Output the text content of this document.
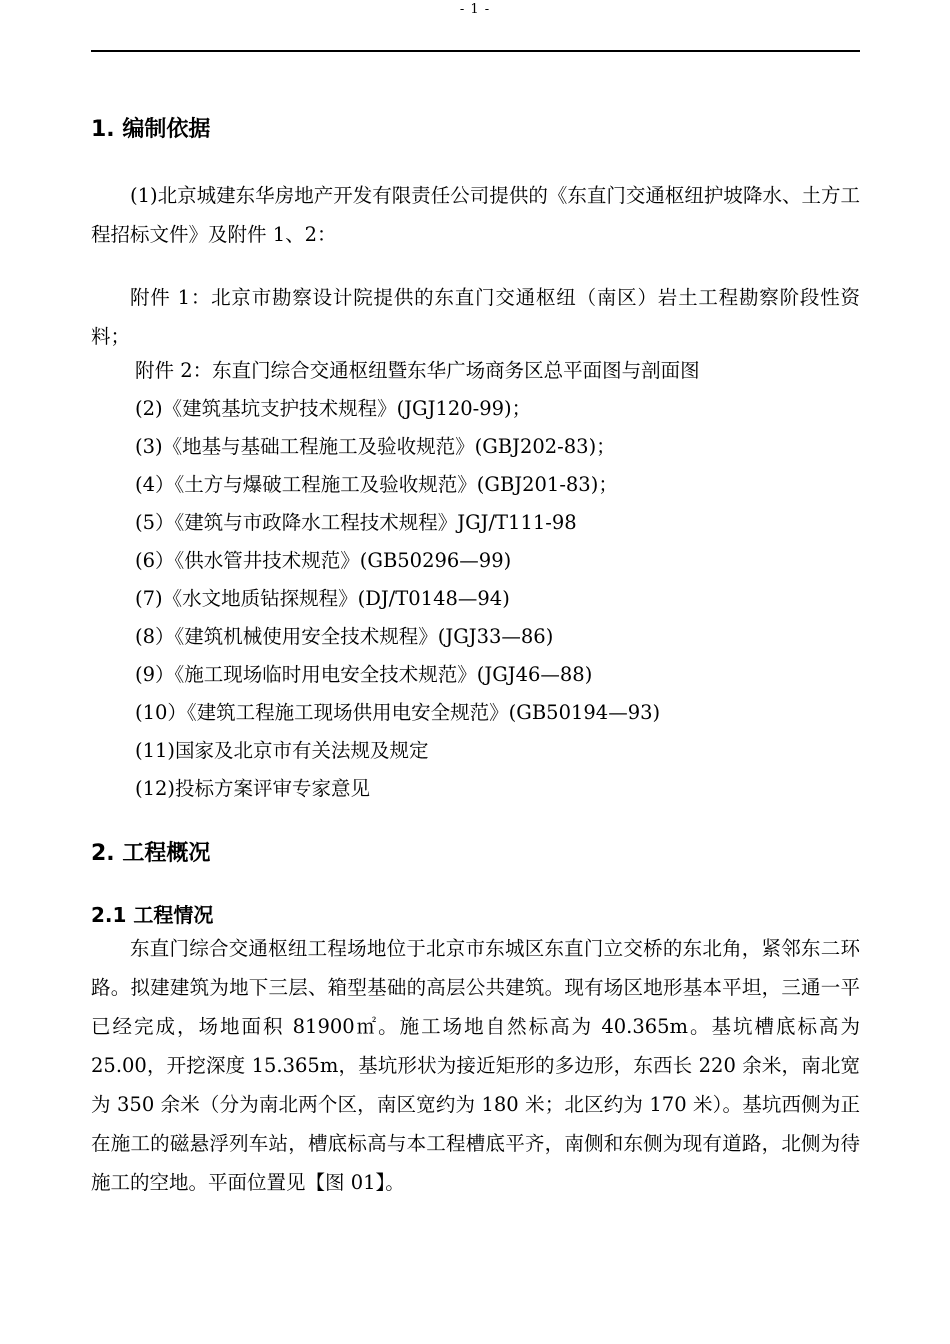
- 1 -
1. 编制依据

(1)北京城建东华房地产开发有限责任公司提供的《东直门交通枢纽护坡降水、土方工程招标文件》及附件 1、2：

附件 1：北京市勘察设计院提供的东直门交通枢纽（南区）岩土工程勘察阶段性资料；

附件 2：东直门综合交通枢纽暨东华广场商务区总平面图与剖面图
(2)《建筑基坑支护技术规程》(JGJ120-99)；
(3)《地基与基础工程施工及验收规范》(GBJ202-83)；
(4）《土方与爆破工程施工及验收规范》(GBJ201-83)；
(5）《建筑与市政降水工程技术规程》JGJ/T111-98
(6）《供水管井技术规范》(GB50296—99)
(7)《水文地质钻探规程》(DJ/T0148—94)
(8）《建筑机械使用安全技术规程》(JGJ33—86)
(9）《施工现场临时用电安全技术规范》(JGJ46—88)
(10）《建筑工程施工现场供用电安全规范》(GB50194—93)
(11)国家及北京市有关法规及规定
(12)投标方案评审专家意见
2. 工程概况
2.1 工程情况

东直门综合交通枢纽工程场地位于北京市东城区东直门立交桥的东北角，紧邻东二环路。拟建建筑为地下三层、箱型基础的高层公共建筑。现有场区地形基本平坦，三通一平已经完成，场地面积 81900㎡。施工场地自然标高为 40.365m。基坑槽底标高为 25.00，开挖深度 15.365m，基坑形状为接近矩形的多边形，东西长 220 余米，南北宽为 350 余米（分为南北两个区，南区宽约为 180 米；北区约为 170 米）。基坑西侧为正在施工的磁悬浮列车站，槽底标高与本工程槽底平齐，南侧和东侧为现有道路，北侧为待施工的空地。平面位置见【图 01】。
